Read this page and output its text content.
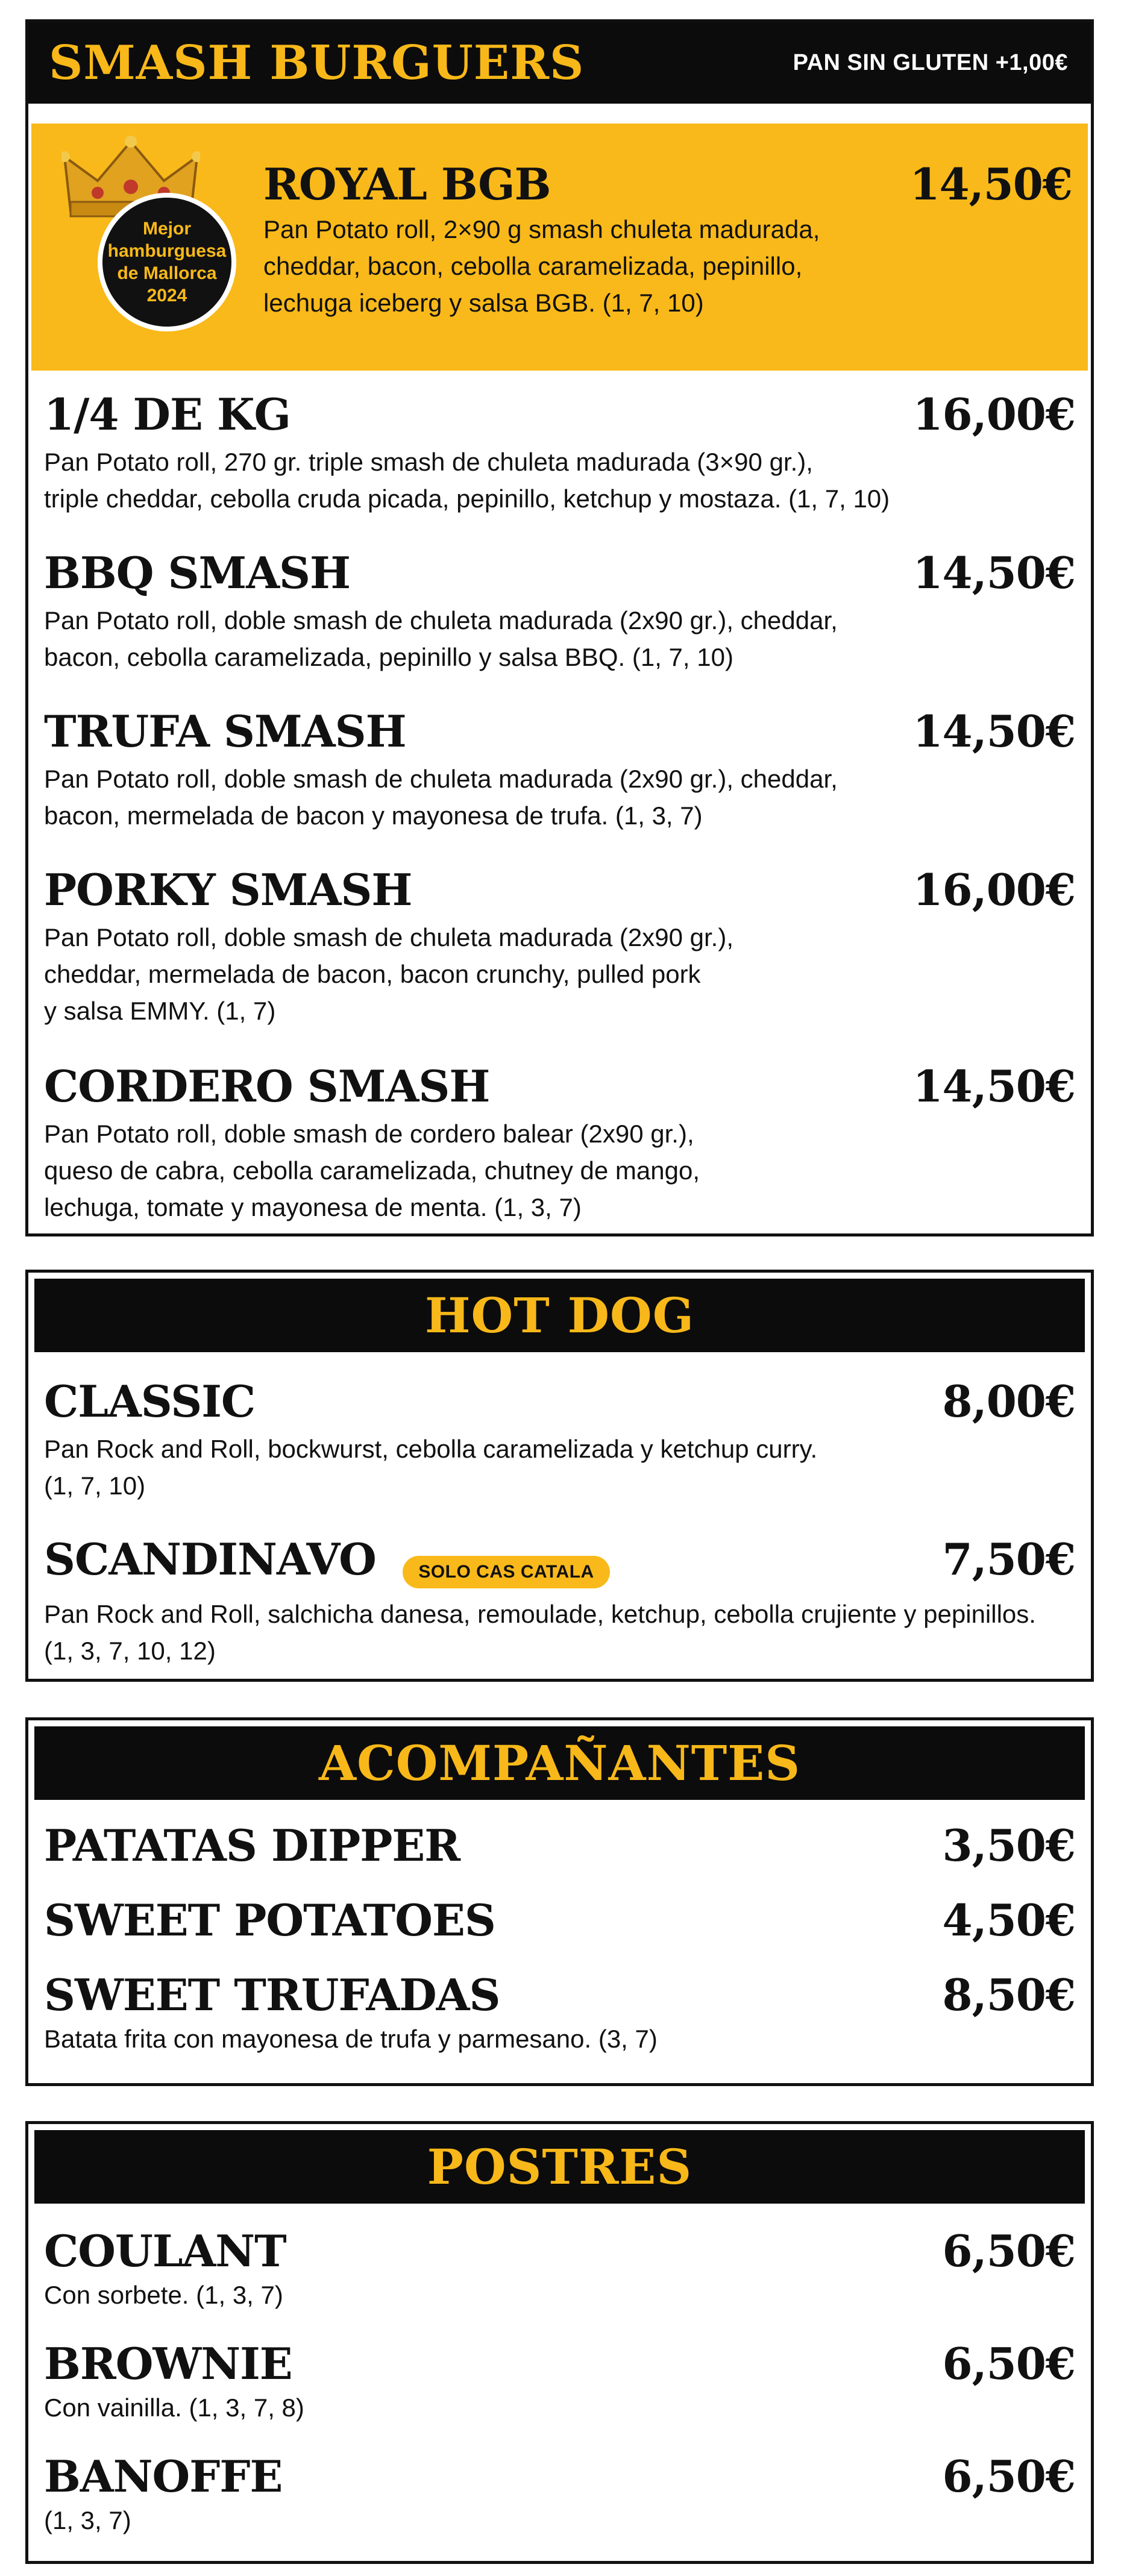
SMASH BURGUERS	PAN SIN GLUTEN +1,00€
Mejor
hamburguesa
de Mallorca
2024
ROYAL BGB	14,50€
Pan Potato roll, 2×90 g smash chuleta madurada,
cheddar, bacon, cebolla caramelizada, pepinillo,
lechuga iceberg y salsa BGB. (1, 7, 10)
1/4 DE KG	16,00€
Pan Potato roll, 270 gr. triple smash de chuleta madurada (3×90 gr.),
triple cheddar, cebolla cruda picada, pepinillo, ketchup y mostaza. (1, 7, 10)
BBQ SMASH	14,50€
Pan Potato roll, doble smash de chuleta madurada (2x90 gr.), cheddar,
bacon, cebolla caramelizada, pepinillo y salsa BBQ. (1, 7, 10)
TRUFA SMASH	14,50€
Pan Potato roll, doble smash de chuleta madurada (2x90 gr.), cheddar,
bacon, mermelada de bacon y mayonesa de trufa. (1, 3, 7)
PORKY SMASH	16,00€
Pan Potato roll, doble smash de chuleta madurada (2x90 gr.),
cheddar, mermelada de bacon, bacon crunchy, pulled pork
y salsa EMMY. (1, 7)
CORDERO SMASH	14,50€
Pan Potato roll, doble smash de cordero balear (2x90 gr.),
queso de cabra, cebolla caramelizada, chutney de mango,
lechuga, tomate y mayonesa de menta. (1, 3, 7)
HOT DOG
CLASSIC	8,00€
Pan Rock and Roll, bockwurst, cebolla caramelizada y ketchup curry.
(1, 7, 10)
SCANDINAVO SOLO CAS CATALA	7,50€
Pan Rock and Roll, salchicha danesa, remoulade, ketchup, cebolla crujiente y pepinillos.
(1, 3, 7, 10, 12)
ACOMPAÑANTES
PATATAS DIPPER	3,50€
SWEET POTATOES	4,50€
SWEET TRUFADAS	8,50€
Batata frita con mayonesa de trufa y parmesano. (3, 7)
POSTRES
COULANT	6,50€
Con sorbete. (1, 3, 7)
BROWNIE	6,50€
Con vainilla. (1, 3, 7, 8)
BANOFFE	6,50€
(1, 3, 7)
